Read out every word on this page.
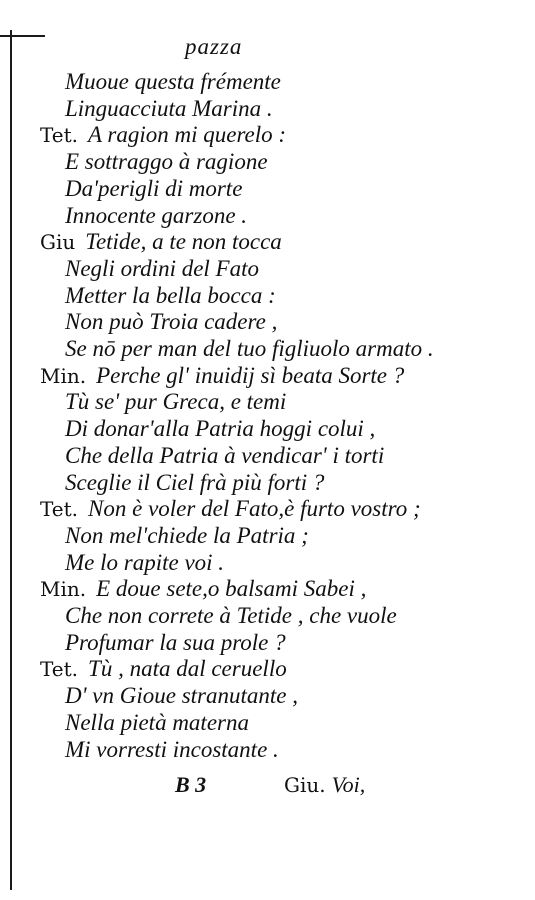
pazza
Muoue questa frémente
Linguacciuta Marina .
Tet. A ragion mi querelo :
E sottraggo à ragione
Da'perigli di morte
Innocente garzone .
Giu Tetide, a te non tocca
Negli ordini del Fato
Metter la bella bocca :
Non può Troia cadere ,
Se nō per man del tuo figliuolo armato .
Min. Perche gl' inuidij sì beata Sorte ?
Tù se' pur Greca, e temi
Di donar'alla Patria hoggi colui ,
Che della Patria à vendicar' i torti
Sceglie il Ciel frà più forti ?
Tet. Non è voler del Fato,è furto vostro ;
Non mel'chiede la Patria ;
Me lo rapite voi .
Min. E doue sete,o balsami Sabei ,
Che non correte à Tetide , che vuole
Profumar la sua prole ?
Tet. Tù , nata dal ceruello
D' vn Gioue stranutante ,
Nella pietà materna
Mi vorresti incostante .
B 3	Giu. Voi,
